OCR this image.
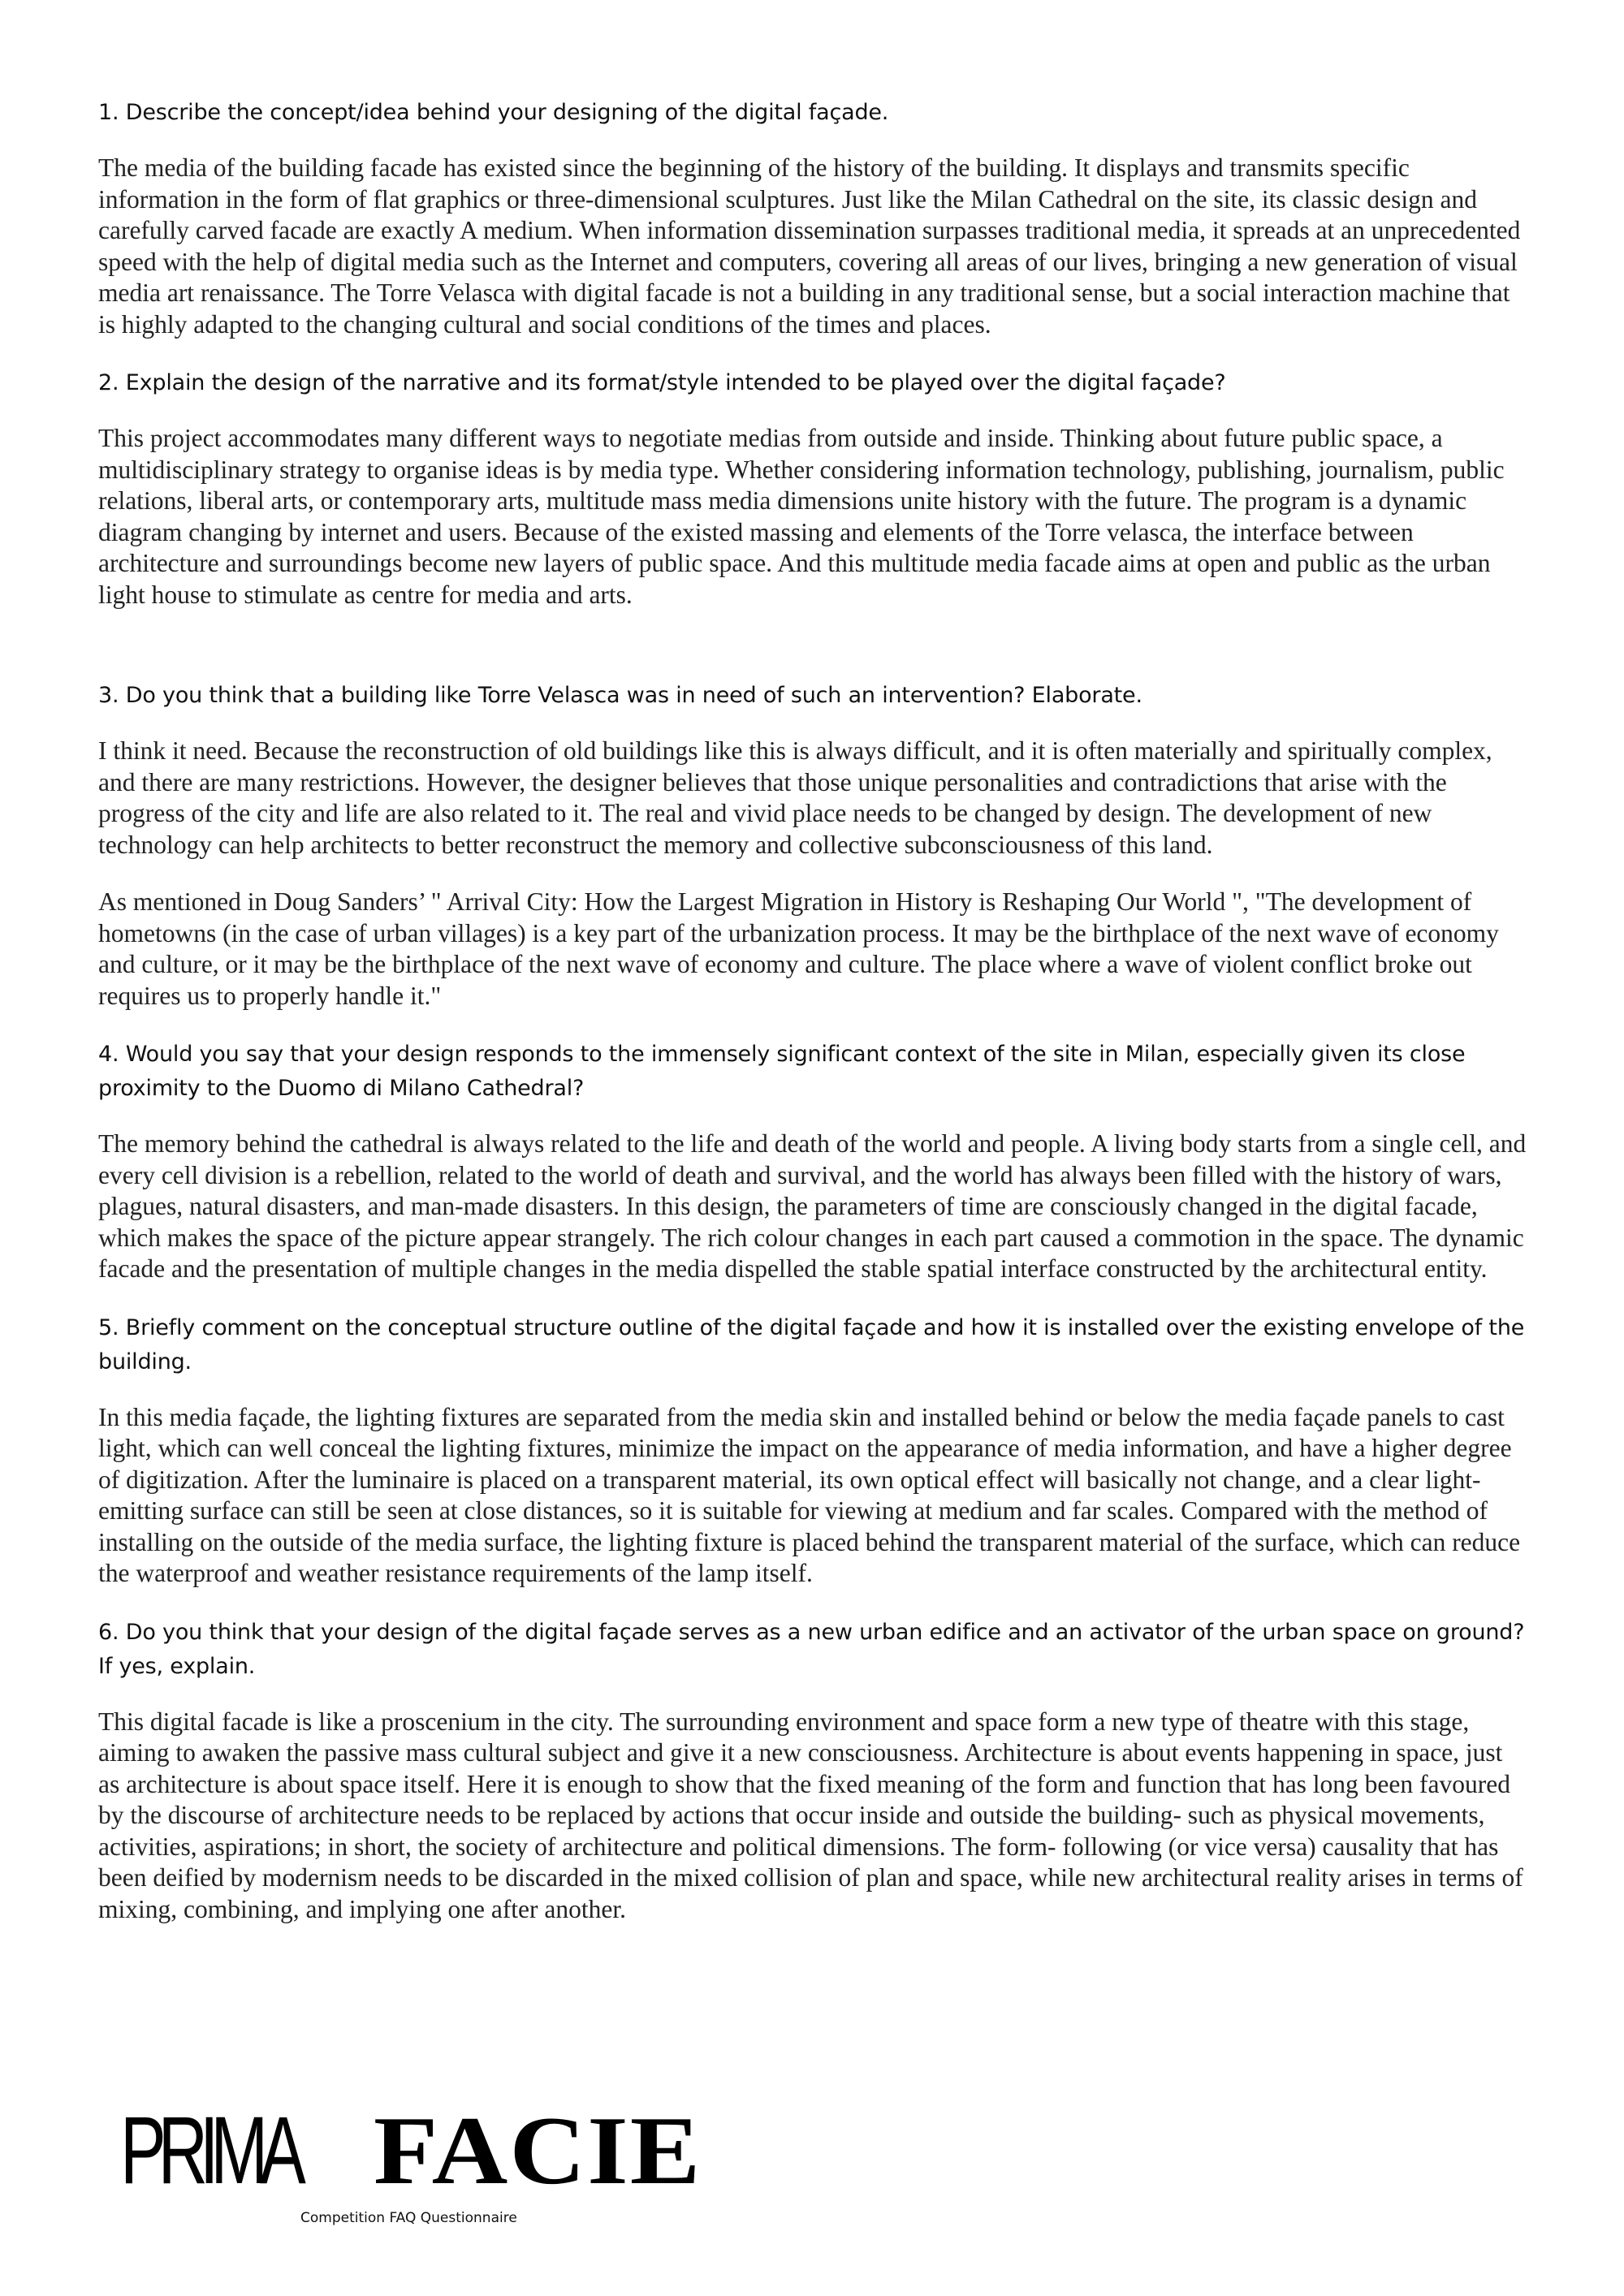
1. Describe the concept/idea behind your designing of the digital façade.

The media of the building facade has existed since the beginning of the history of the building. It displays and transmits specific information in the form of flat graphics or three-dimensional sculptures. Just like the Milan Cathedral on the site, its classic design and carefully carved facade are exactly A medium. When information dissemination surpasses traditional media, it spreads at an unprecedented speed with the help of digital media such as the Internet and computers, covering all areas of our lives, bringing a new generation of visual media art renaissance. The Torre Velasca with digital facade is not a building in any traditional sense, but a social interaction machine that is highly adapted to the changing cultural and social conditions of the times and places.

2. Explain the design of the narrative and its format/style intended to be played over the digital façade?

This project accommodates many different ways to negotiate medias from outside and inside. Thinking about future public space, a multidisciplinary strategy to organise ideas is by media type. Whether considering information technology, publishing, journalism, public relations, liberal arts, or contemporary arts, multitude mass media dimensions unite history with the future. The program is a dynamic diagram changing by internet and users. Because of the existed massing and elements of the Torre velasca, the interface between architecture and surroundings become new layers of public space. And this multitude media facade aims at open and public as the urban light house to stimulate as centre for media and arts.

3. Do you think that a building like Torre Velasca was in need of such an intervention? Elaborate.

I think it need. Because the reconstruction of old buildings like this is always difficult, and it is often materially and spiritually complex, and there are many restrictions. However, the designer believes that those unique personalities and contradictions that arise with the progress of the city and life are also related to it. The real and vivid place needs to be changed by design. The development of new technology can help architects to better reconstruct the memory and collective subconsciousness of this land.

As mentioned in Doug Sanders’ " Arrival City: How the Largest Migration in History is Reshaping Our World ", "The development of hometowns (in the case of urban villages) is a key part of the urbanization process. It may be the birthplace of the next wave of economy and culture, or it may be the birthplace of the next wave of economy and culture. The place where a wave of violent conflict broke out requires us to properly handle it."

4. Would you say that your design responds to the immensely significant context of the site in Milan, especially given its close proximity to the Duomo di Milano Cathedral?

The memory behind the cathedral is always related to the life and death of the world and people. A living body starts from a single cell, and every cell division is a rebellion, related to the world of death and survival, and the world has always been filled with the history of wars, plagues, natural disasters, and man-made disasters. In this design, the parameters of time are consciously changed in the digital facade, which makes the space of the picture appear strangely. The rich colour changes in each part caused a commotion in the space. The dynamic facade and the presentation of multiple changes in the media dispelled the stable spatial interface constructed by the architectural entity.

5. Briefly comment on the conceptual structure outline of the digital façade and how it is installed over the existing envelope of the building.

In this media façade, the lighting fixtures are separated from the media skin and installed behind or below the media façade panels to cast light, which can well conceal the lighting fixtures, minimize the impact on the appearance of media information, and have a higher degree of digitization. After the luminaire is placed on a transparent material, its own optical effect will basically not change, and a clear light-emitting surface can still be seen at close distances, so it is suitable for viewing at medium and far scales. Compared with the method of installing on the outside of the media surface, the lighting fixture is placed behind the transparent material of the surface, which can reduce the waterproof and weather resistance requirements of the lamp itself.

6. Do you think that your design of the digital façade serves as a new urban edifice and an activator of the urban space on ground? If yes, explain.

This digital facade is like a proscenium in the city. The surrounding environment and space form a new type of theatre with this stage, aiming to awaken the passive mass cultural subject and give it a new consciousness. Architecture is about events happening in space, just as architecture is about space itself. Here it is enough to show that the fixed meaning of the form and function that has long been favoured by the discourse of architecture needs to be replaced by actions that occur inside and outside the building- such as physical movements, activities, aspirations; in short, the society of architecture and political dimensions. The form- following (or vice versa) causality that has been deified by modernism needs to be discarded in the mixed collision of plan and space, while new architectural reality arises in terms of mixing, combining, and implying one after another.

PRIMA FACIE
Competition FAQ Questionnaire
